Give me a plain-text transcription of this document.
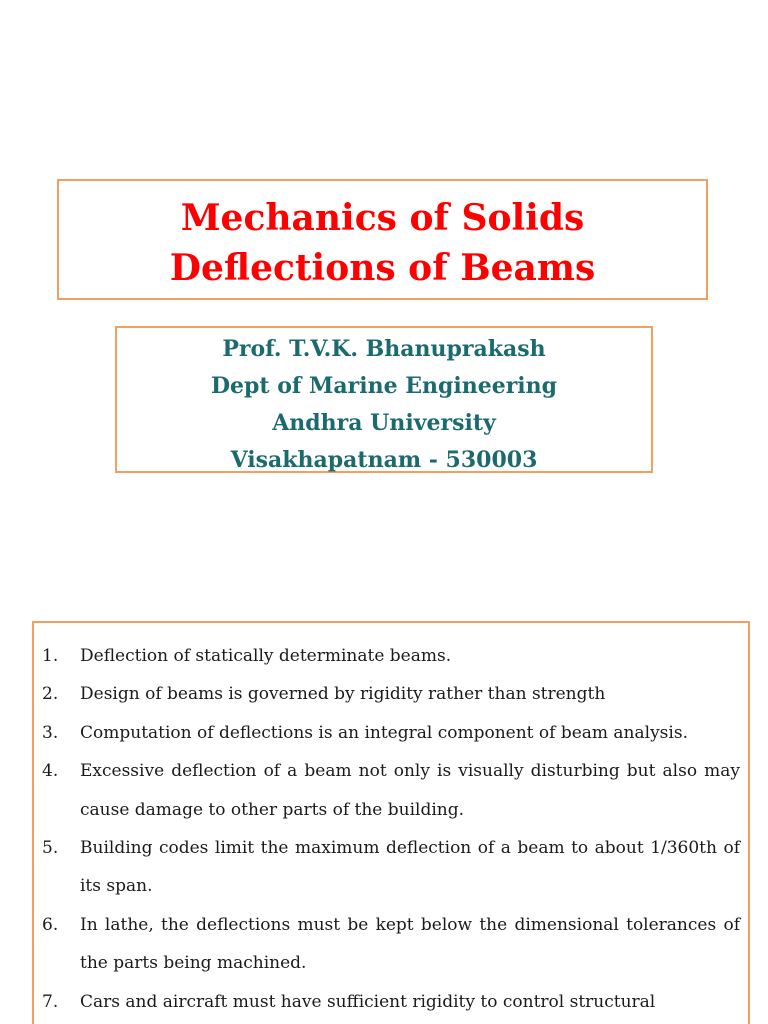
Mechanics of Solids
Deflections of Beams
Prof. T.V.K. Bhanuprakash
Dept of Marine Engineering
Andhra University
Visakhapatnam - 530003
1.	Deflection of statically determinate beams.
2.	Design of beams is governed by rigidity rather than strength
3.	Computation of deflections is an integral component of beam analysis.
4.	Excessive deflection of a beam not only is visually disturbing but also may cause damage to other parts of the building.
5.	Building codes limit the maximum deflection of a beam to about 1/360th of its span.
6.	In lathe, the deflections must be kept below the dimensional tolerances of the parts being machined.
7.	Cars and aircraft must have sufficient rigidity to control structural
